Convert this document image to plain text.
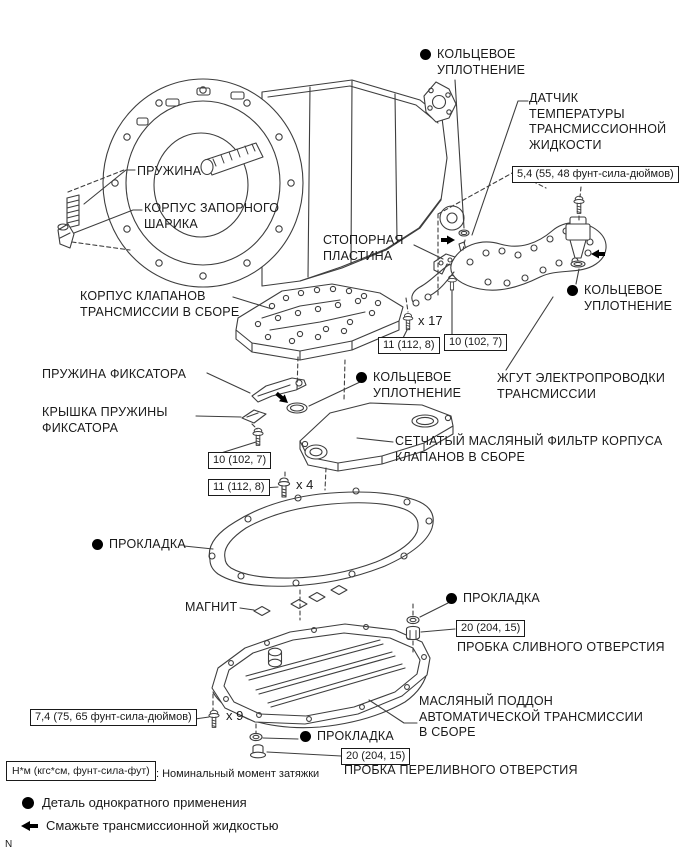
КОЛЬЦЕВОЕ
УПЛОТНЕНИЕ
ДАТЧИК
ТЕМПЕРАТУРЫ
ТРАНСМИССИОННОЙ
ЖИДКОСТИ
5,4 (55, 48 фунт-сила-дюймов)
ПРУЖИНА
КОРПУС ЗАПОРНОГО
ШАРИКА
СТОПОРНАЯ
ПЛАСТИНА
КОРПУС КЛАПАНОВ
ТРАНСМИССИИ В СБОРЕ
x 17
11 (112, 8)	10 (102, 7)
КОЛЬЦЕВОЕ
УПЛОТНЕНИЕ
ЖГУТ ЭЛЕКТРОПРОВОДКИ
ТРАНСМИССИИ
ПРУЖИНА ФИКСАТОРА	КОЛЬЦЕВОЕ
УПЛОТНЕНИЕ
КРЫШКА ПРУЖИНЫ
ФИКСАТОРА
10 (102, 7)
11 (112, 8)	x 4
СЕТЧАТЫЙ МАСЛЯНЫЙ ФИЛЬТР КОРПУСА
КЛАПАНОВ В СБОРЕ
ПРОКЛАДКА
МАГНИТ
ПРОКЛАДКА
20 (204, 15)
ПРОБКА СЛИВНОГО ОТВЕРСТИЯ
МАСЛЯНЫЙ ПОДДОН
АВТОМАТИЧЕСКОЙ ТРАНСМИССИИ
В СБОРЕ
7,4 (75, 65 фунт-сила-дюймов)	x 9
ПРОКЛАДКА
20 (204, 15)
ПРОБКА ПЕРЕЛИВНОГО ОТВЕРСТИЯ
Н*м (кгс*см, фунт-сила-фут) : Номинальный момент затяжки
Деталь однократного применения
Смажьте трансмиссионной жидкостью
N
